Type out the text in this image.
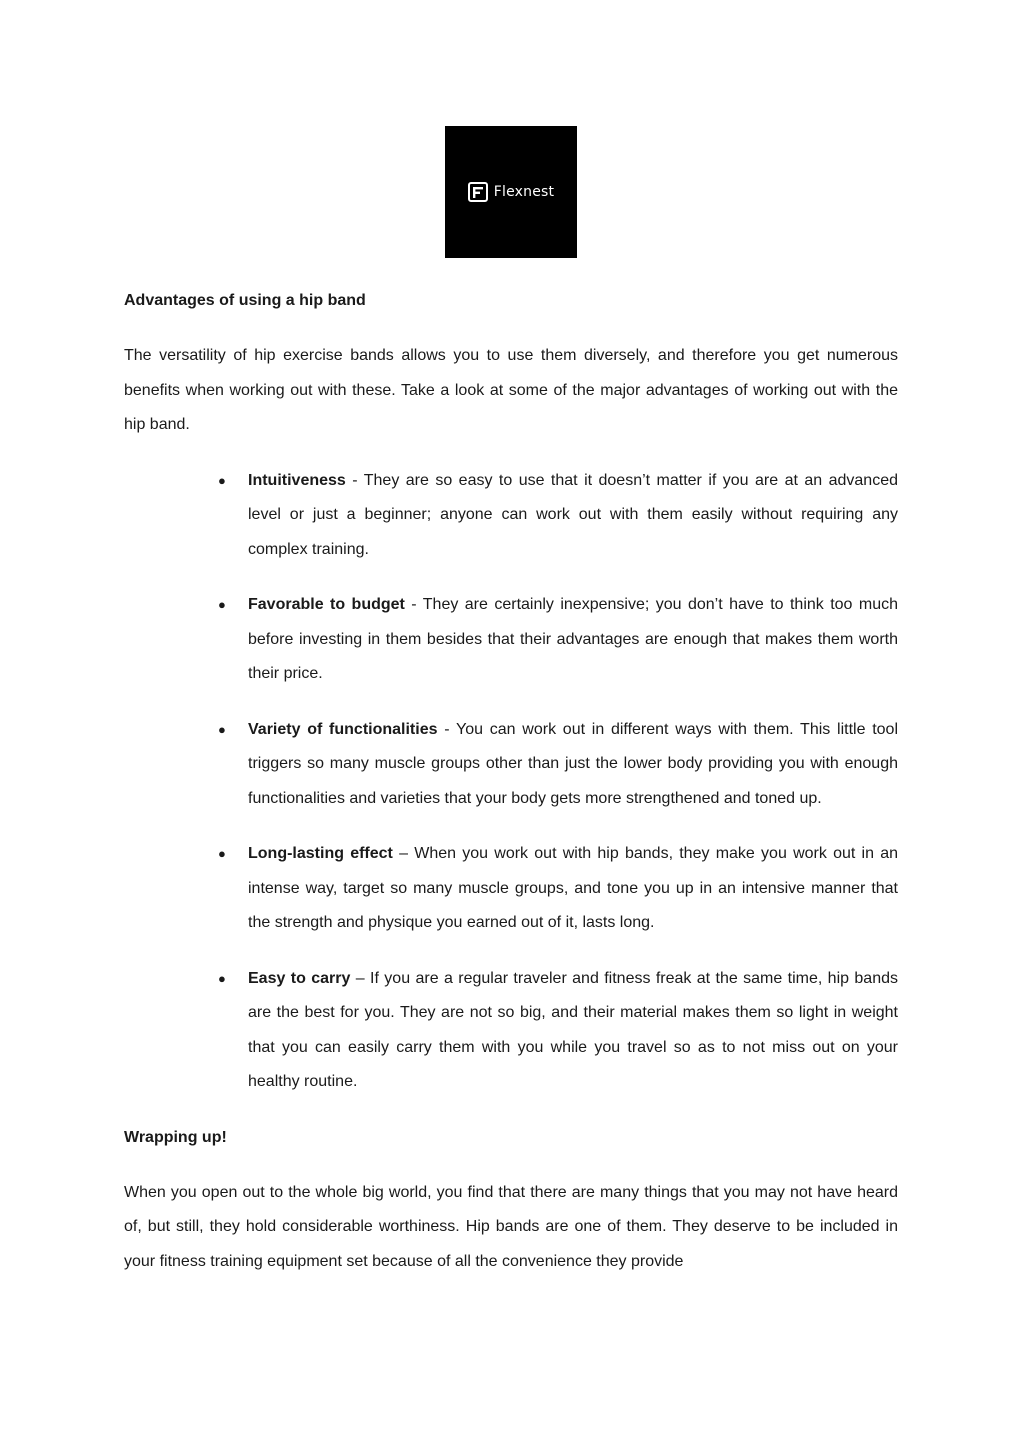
Flexnest
Advantages of using a hip band

The versatility of hip exercise bands allows you to use them diversely, and therefore you get numerous benefits when working out with these. Take a look at some of the major advantages of working out with the hip band.

● Intuitiveness - They are so easy to use that it doesn’t matter if you are at an advanced level or just a beginner; anyone can work out with them easily without requiring any complex training.
● Favorable to budget - They are certainly inexpensive; you don’t have to think too much before investing in them besides that their advantages are enough that makes them worth their price.
● Variety of functionalities - You can work out in different ways with them. This little tool triggers so many muscle groups other than just the lower body providing you with enough functionalities and varieties that your body gets more strengthened and toned up.
● Long-lasting effect – When you work out with hip bands, they make you work out in an intense way, target so many muscle groups, and tone you up in an intensive manner that the strength and physique you earned out of it, lasts long.
● Easy to carry – If you are a regular traveler and fitness freak at the same time, hip bands are the best for you. They are not so big, and their material makes them so light in weight that you can easily carry them with you while you travel so as to not miss out on your healthy routine.
Wrapping up!

When you open out to the whole big world, you find that there are many things that you may not have heard of, but still, they hold considerable worthiness. Hip bands are one of them. They deserve to be included in your fitness training equipment set because of all the convenience they provide
